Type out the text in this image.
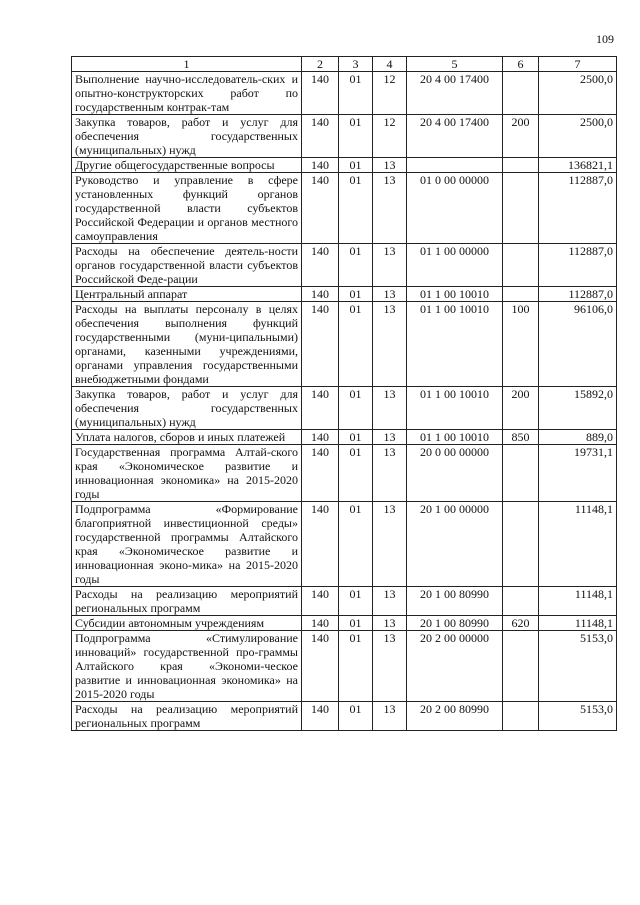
109
1	2	3	4	5	6	7
Выполнение научно-исследователь-ских и опытно-конструкторских работ по государственным контрак-там	140	01	12	20 4 00 17400		2500,0
Закупка товаров, работ и услуг для обеспечения государственных (муниципальных) нужд	140	01	12	20 4 00 17400	200	2500,0
Другие общегосударственные вопросы	140	01	13			136821,1
Руководство и управление в сфере установленных функций органов государственной власти субъектов Российской Федерации и органов местного самоуправления	140	01	13	01 0 00 00000		112887,0
Расходы на обеспечение деятель-ности органов государственной власти субъектов Российской Феде-рации	140	01	13	01 1 00 00000		112887,0
Центральный аппарат	140	01	13	01 1 00 10010		112887,0
Расходы на выплаты персоналу в целях обеспечения выполнения функций государственными (муни-ципальными) органами, казенными учреждениями, органами управления государственными внебюджетными фондами	140	01	13	01 1 00 10010	100	96106,0
Закупка товаров, работ и услуг для обеспечения государственных (муниципальных) нужд	140	01	13	01 1 00 10010	200	15892,0
Уплата налогов, сборов и иных платежей	140	01	13	01 1 00 10010	850	889,0
Государственная программа Алтай-ского края «Экономическое развитие и инновационная экономика» на 2015-2020 годы	140	01	13	20 0 00 00000		19731,1
Подпрограмма «Формирование благоприятной инвестиционной среды» государственной программы Алтайского края «Экономическое развитие и инновационная эконо-мика» на 2015-2020 годы	140	01	13	20 1 00 00000		11148,1
Расходы на реализацию мероприятий региональных программ	140	01	13	20 1 00 80990		11148,1
Субсидии автономным учреждениям	140	01	13	20 1 00 80990	620	11148,1
Подпрограмма «Стимулирование инноваций» государственной про-граммы Алтайского края «Экономи-ческое развитие и инновационная экономика» на 2015-2020 годы	140	01	13	20 2 00 00000		5153,0
Расходы на реализацию мероприятий региональных программ	140	01	13	20 2 00 80990		5153,0
